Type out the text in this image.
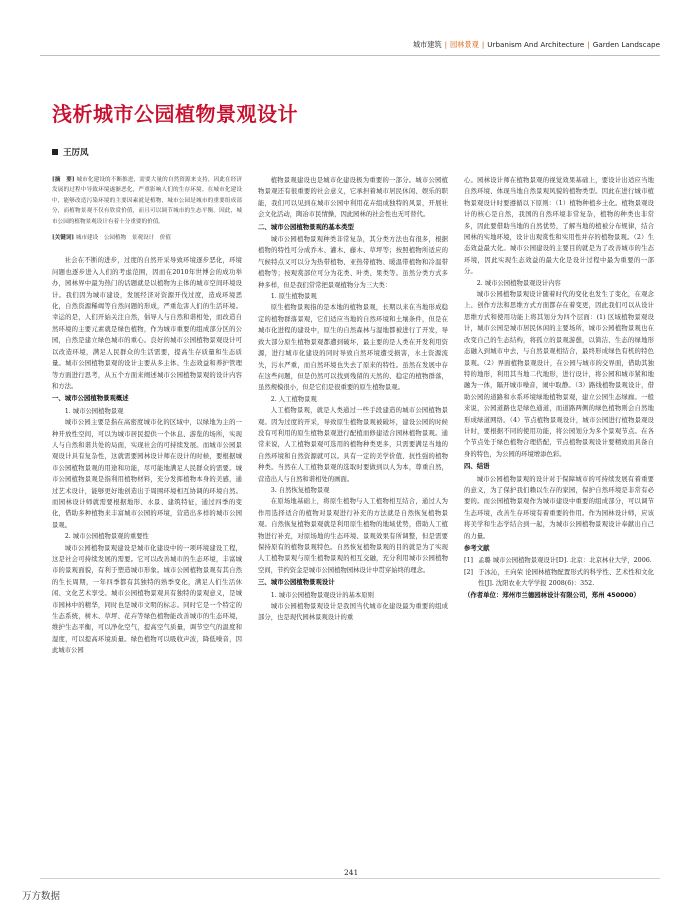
城市建筑 | 园林景观 | Urbanism And Architecture | Garden Landscape
浅析城市公园植物景观设计
王厉凤

[摘　要] 城市化建设的不断推进，需要大量的自然资源来支持，因此在经济发展的过程中导致环境遂渐恶化，严重影响人们的生存环境。在城市化建设中，能够改造污染环境的主要因素就是植物，城市公园是城市的重要组成部分，而植物景观不仅有欣赏价值，而且可以调节城市的生态平衡。因此，城市公园的植物景观设计有着十分重要的价值。

[关键词] 城市建设　公园植物　景观设计　价值

社会在不断的进步，过度的自然开采导致环境逐步恶化，环境问题也逐步进入人们的考虑范围，因而在2010年世博会的成功举办，园林界中最为热门的话题就是以植物为主体的城市空间环境设计。我们因为城市建设，发展经济对资源开伐过度，造成环境恶化，自然资源稀竭等自然问题的形成，严重危害人们的生活环境。幸运的是，人们开始关注自然，倡导人与自然和谐相处，而改造自然环境的主要元素就是绿色植物，作为城市重要的组成部分区的公园，自然是建立绿色城市的重心。良好的城市公园植物景观设计可以改造环境，满足人民群众的生活需要，提高生存质量和生态质量。城市公园植物景观的设计主要从多主体、生态效益和养护管理等方面进行思考，从五个方面来阐述城市公园植物景观的设计内容和方法。

一、城市公园植物景观概述

1. 城市公园植物景观

城市公园主要是指在高密度城市化的区域中，以绿地为主的一种开放性空间，可以为城市居民提供一个休息、游览的场所，实现人与自然和谐共处的局面，实现社会的可持续发展。而城市公园景观设计具有复杂性，这就需要园林设计师在设计的时候，要根据城市公园植物景观的用途和功能，尽可能地满足人民群众的需要。城市公园植物景观是指利用植物材料，充分发挥植物本身的美感，通过艺术设计，能够更好地创造出于周围环境相互协调的环境自然。而园林设计师就需要根据地形、水景、建筑特征，通过四季的变化，借助多种植物来丰富城市公园的环境，营造出多样的城市公园景观。

2. 城市公园植物景观的重要性

城市公园植物景观建设是城市化建设中的一项环境建设工程，这是社会可持续发展的需要。它可以改善城市的生态环境，丰富城市的景观面貌，有利于塑造城市形象。城市公园植物景观有其自然的生长周期，一年四季都有其独特的熟季变化，满足人们生活休闲、文化艺术享受。城市公园植物景观具有独特的景观意义，是城市园林中的精华，同时也是城市文明的标志。同时它是一个特定的生态系统，树木、草坪、花卉等绿色植物能改善城市的生态环境，维护生态平衡，可以净化空气，提高空气质量，调节空气的温度和湿度，可以提高环境质量。绿色植物可以吸收声波，降低噪音，因此城市公园

植物景观建设也是城市化建设极为重要的一部分。城市公园植物景观还有很重要的社会意义，它承担着城市居民休闲、娱乐的职能，我们可以见到在城市公园中利用花卉组成独特的风景，开展社会文化活动，陶冶市民情操，因此园林的社会性也无可替代。

二、城市公园植物景观的基本类型

城市公园植物景观种类非常复杂，其分类方法也有很多，根据植物的特性可分成乔木、灌木、藤木、草坪等；按照植物所适应的气候特点又可以分为热带植物、亚热带植物、暖温带植物和冷温带植物等；按观赏部位可分为花类、叶类、果类等。虽然分类方式多种多样，但是我们常常把景观植物分为三大类：

1. 原生植物景观

原生植物景观指的是本地的植物景观，长期以来在当地形成稳定的植物群落景观，它们适应当地的自然环境和土壤条件，但是在城市化进程的建设中，原生的自然森林与湿地都被进行了开发，导致大部分原生植物景观都遭到破坏，最主要的是人类在开发利用资源，进行城市化建设的同时导致自然环境遭受损害，水土资源流失，污水严重，而自然环境也失去了原来的特性。虽然在发展中存在这些问题，但是仍然可以找到残留的天然的、稳定的植物群落，虽然规模很小，但是它们是很重要的原生植物景观。

2. 人工植物景观

人工植物景观，就是人类通过一些手段建造的城市公园植物景观。因为过度的开采，导致原生植物景观被破坏，建设公园的时候没有可利用的原生植物景观进行配植而修建适合园林植物景观。通常来说，人工植物景观可选用的植物种类更多，只需要满足当地的自然环境和自然资源就可以。具有一定的美学价值、抗性强的植物种类。当然在人工植物景观的选取时要做到以人为本，尊重自然，营造出人与自然和谐相处的画面。

3. 自然恢复植物景观

在原场地基础上，将原生植物与人工植物相互结合，通过人为作用选择适合的植物对景观进行补充的方法就是自然恢复植物景观。自然恢复植物景观就是利用原生植物的地域优势，借助人工植物进行补充，对原场地的生态环境、景观效果有所调整，但是需要保持原有的植物景观特色。自然恢复植物景观的目的就是为了实现人工植物景观与原生植物景观的相互交融，充分利用城市公园植物空间，节约资金是城市公园植物园林设计中贯穿始终的理念。

三、城市公园植物景观设计

1. 城市公园植物景观设计的基本原则

城市公园植物景观设计是我国当代城市化建设最为重要的组成部分，也是现代园林景观设计的重

心。园林设计师在植物景观的视觉效果基础上，要设计出适应当地自然环境、体现当地自然景观风貌的植物类型。因此在进行城市植物景观设计时要遵循以下原则：（1）植物种植乡土化。植物景观设计的核心是自然，我国的自然环境非常复杂，植物的种类也非常多，因此要借助当地的自然优势，了解当地的植被分布规律，结合园林的实地环境，设计出观赏性和实用性并存的植物景观。（2）生态效益最大化。城市公园建设的主要目的就是为了改善城市的生态环境，因此实现生态效益的最大化是设计过程中最为重要的一部分。

2. 城市公园植物景观设计内容

城市公园植物景观设计随着时代的变化也发生了变化，在观念上、创作方法和思维方式方面都存在着变更，因此我们可以从设计思维方式和使用功能上将其划分为四个层面：(1) 区域植物景观设计，城市公园是城市居民休闲的主要场所，城市公园植物景观也在改变自己的生态结构，将孤立的景观游憩，以简洁、生态的绿地形态融入到城市中去，与自然景观相结合，最终形成绿色有机的特色景观。（2）界面植物景观设计，在公园与城市的交界面，借助其独特的地形，利用其当地二代地形，进行设计，将公园和城市紧和地融为一体，隔开城市噪音，闹中取静。（3）路线植物景观设计，借助公园的道路和水系环境绿地植物景观，建立公园生态绿廊。一般来说，公园道路也是绿色通道，而道路两侧的绿色植物则会自然地形成绿道网络。（4）节点植物景观设计，城市公园进行植物景观设计时，要根据不同的使用功能，将公园划分为多个景观节点。在各个节点处于绿色植物合理搭配，节点植物景观设计要精致而具备自身的特色，为公园的环境增添色彩。

四、结语

城市公园植物景观的设计对于保障城市的可持续发展有着重要的意义，为了保护我们赖以生存的家园，保护自然环境是非常有必要的。而公园植物景观作为城市建设中重要的组成部分，可以调节生态环境，改善生存环境有着重要的作用。作为园林设计师，应该将美学和生态学结合到一起，为城市公园植物景观设计奉献出自己的力量。

参考文献

[1] 孟璐 城市公园植物景观设计[D]. 北京：北京林业大学，2006.

[2] 于冰沁，王向荣 论园林植物配置形式的科学性、艺术性和文化性[J]. 沈阳农业大学学报 2008(6)：352.

（作者单位：郑州市兰德园林设计有限公司，郑州 450000）

241
万方数据
